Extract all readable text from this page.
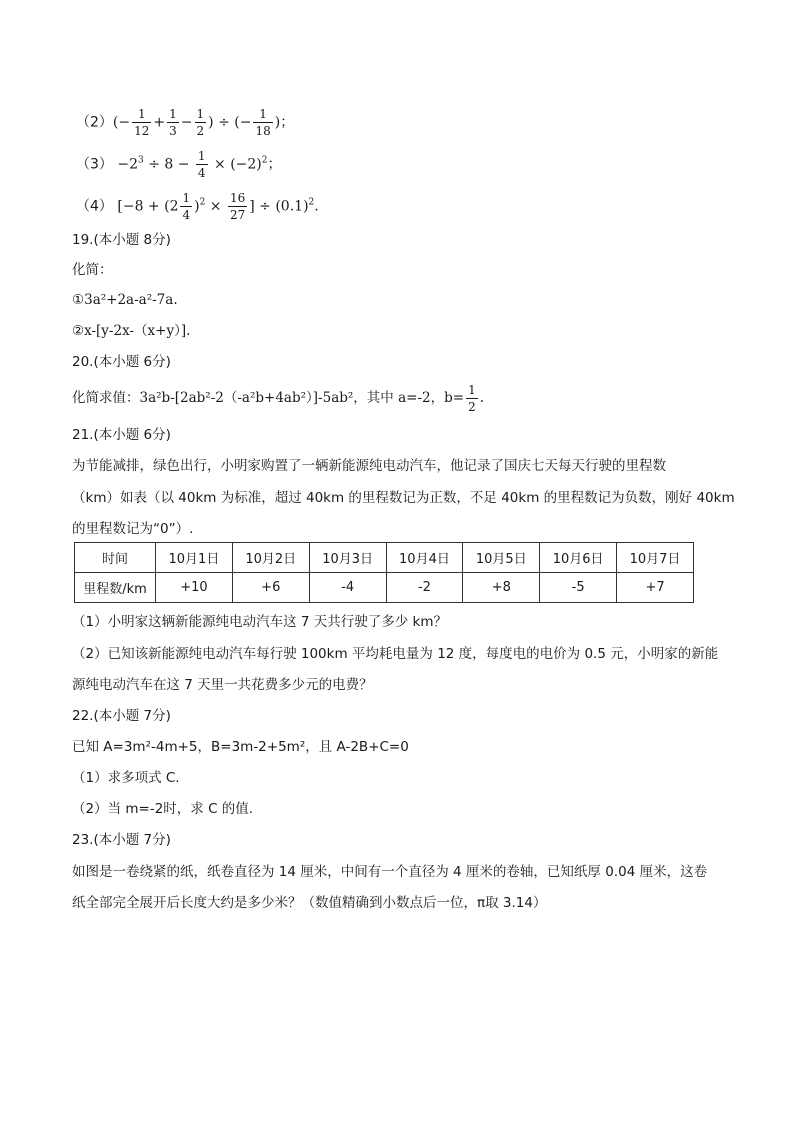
$(2)(- \frac{1}{12} + \frac{1}{3} - \frac{1}{2}$ ) ÷ (− $\frac{1}{18}$ )；
$(3) -2^3 \div 8 - \frac{1}{4} \times (-2)^2$；
（4） [$-8 + (2 \frac{1}{4} )^2 \times \frac{16}{27}$ ] ÷ $(0.1)^2$.
19.(本小题 8分)
化简：
①3a²+2a-a²-7a.
②x-[y-2x-（x+y）].
20.(本小题 6分)
化简求值：3a²b-[2ab²-2（-a²b+4ab²）]-5ab²，其中 a=-2，$b= \frac{1}{2}$ .
21.(本小题 6分)
为节能减排，绿色出行，小明家购置了一辆新能源纯电动汽车，他记录了国庆七天每天行驶的里程数
（km）如表（以 40km 为标准，超过 40km 的里程数记为正数，不足 40km 的里程数记为负数，刚好 40km
的里程数记为“0”）.
时间	10月1日	10月2日	10月3日	10月4日	10月5日	10月6日	10月7日
里程数/km	+10	+6	-4	-2	+8	-5	+7
（1）小明家这辆新能源纯电动汽车这 7 天共行驶了多少 km？
（2）已知该新能源纯电动汽车每行驶 100km 平均耗电量为 12 度，每度电的电价为 0.5 元，小明家的新能
源纯电动汽车在这 7 天里一共花费多少元的电费？
22.(本小题 7分)
已知 A=3m²-4m+5，B=3m-2+5m²，且 A-2B+C=0
（1）求多项式 C.
（2）当 m=-2时，求 C 的值.
23.(本小题 7分)
如图是一卷绕紧的纸，纸卷直径为 14 厘米，中间有一个直径为 4 厘米的卷轴，已知纸厚 0.04 厘米，这卷
纸全部完全展开后长度大约是多少米？（数值精确到小数点后一位，π取 3.14）
